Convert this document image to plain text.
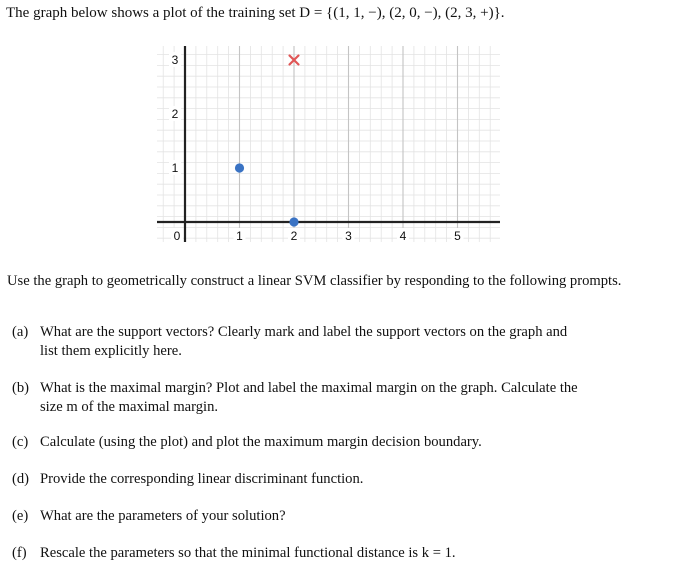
The graph below shows a plot of the training set D = {(1, 1, −), (2, 0, −), (2, 3, +)}.
0	1	2	3	4	5
1
2
3
Use the graph to geometrically construct a linear SVM classifier by responding to the following prompts.
(a) What are the support vectors? Clearly mark and label the support vectors on the graph and
list them explicitly here.
(b) What is the maximal margin? Plot and label the maximal margin on the graph. Calculate the
size m of the maximal margin.
(c) Calculate (using the plot) and plot the maximum margin decision boundary.
(d) Provide the corresponding linear discriminant function.
(e) What are the parameters of your solution?
(f) Rescale the parameters so that the minimal functional distance is k = 1.
